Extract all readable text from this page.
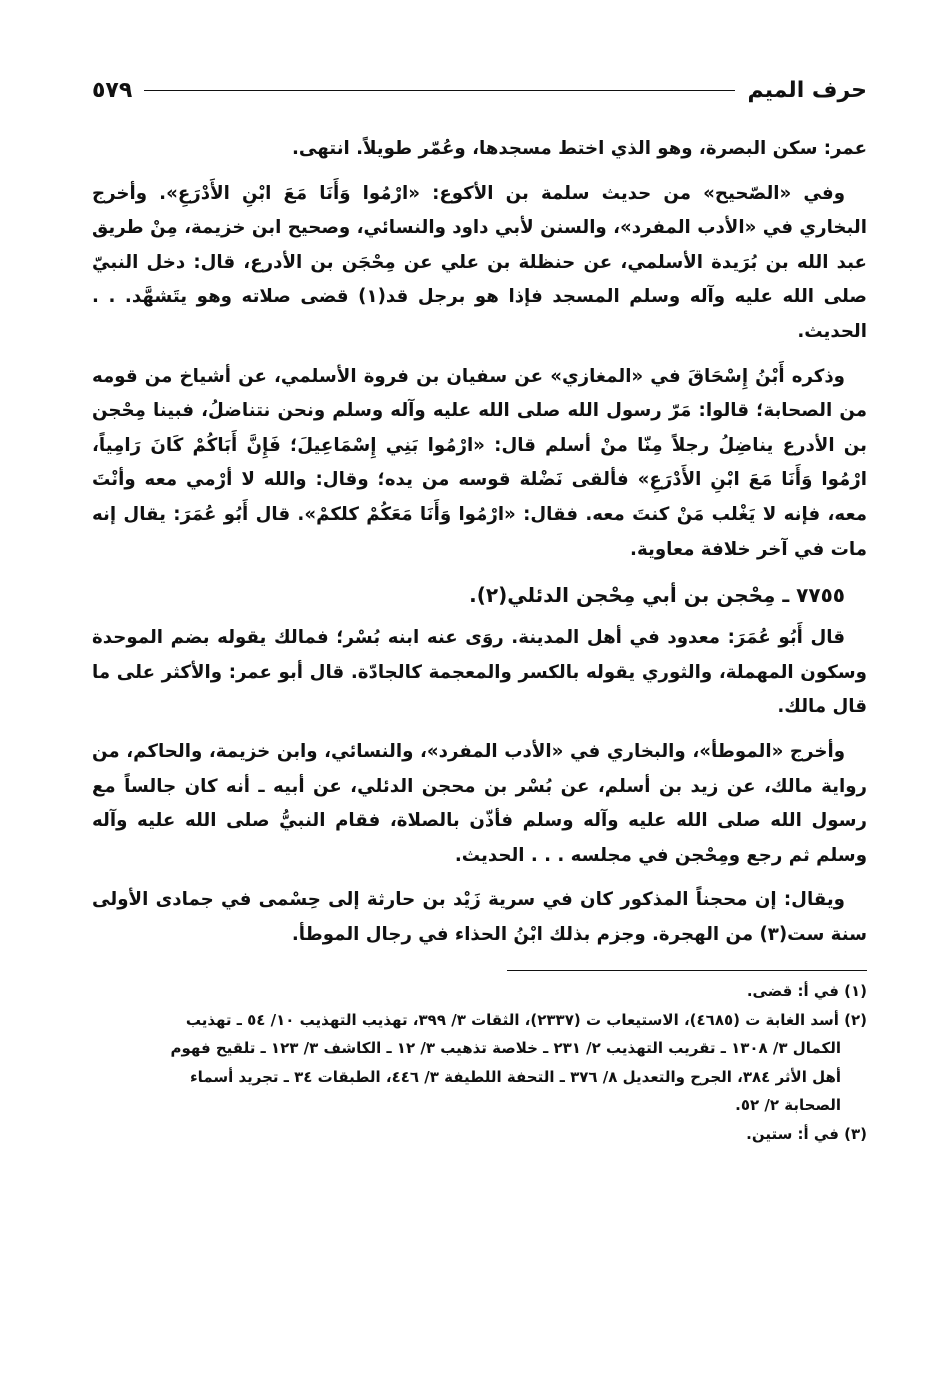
حرف الميم
٥٧٩

عمر: سكن البصرة، وهو الذي اختط مسجدها، وعُمّر طويلاً. انتهى.

وفي «الصّحيح» من حديث سلمة بن الأكوع: «ارْمُوا وَأَنَا مَعَ ابْنِ الأَدْرَعِ». وأخرج البخاري في «الأدب المفرد»، والسنن لأبي داود والنسائي، وصحيح ابن خزيمة، مِنْ طريق عبد الله بن بُرَيدة الأسلمي، عن حنظلة بن علي عن مِحْجَن بن الأدرع، قال: دخل النبيّ صلى الله عليه وآله وسلم المسجد فإذا هو برجل قد(١) قضى صلاته وهو يتَشهَّد. . . الحديث.

وذكره أَبْنُ إِسْحَاقَ في «المغازي» عن سفيان بن فروة الأسلمي، عن أشياخ من قومه من الصحابة؛ قالوا: مَرّ رسول الله صلى الله عليه وآله وسلم ونحن نتناضلُ، فبينا مِحْجن بن الأدرع يناضِلُ رجلاً مِنّا منْ أسلم قال: «ارْمُوا بَنِي إِسْمَاعِيلَ؛ فَإِنَّ أَبَاكُمْ كَانَ رَامِياً، ارْمُوا وَأَنَا مَعَ ابْنِ الأَدْرَعِ» فألقى نَضْلة قوسه من يده؛ وقال: والله لا أرْمي معه وأنْتَ معه، فإنه لا يَغْلب مَنْ كنتَ معه. فقال: «ارْمُوا وَأَنَا مَعَكُمْ كلكمْ». قال أَبُو عُمَرَ: يقال إنه مات في آخر خلافة معاوية.

٧٧٥٥ ـ مِحْجن بن أبي مِحْجن الدئلي(٢).

قال أَبُو عُمَرَ: معدود في أهل المدينة. روَى عنه ابنه بُسْر؛ فمالك يقوله بضم الموحدة وسكون المهملة، والثوري يقوله بالكسر والمعجمة كالجادّة. قال أبو عمر: والأكثر على ما قال مالك.

وأخرج «الموطأ»، والبخاري في «الأدب المفرد»، والنسائي، وابن خزيمة، والحاكم، من رواية مالك، عن زيد بن أسلم، عن بُسْر بن محجن الدئلي، عن أبيه ـ أنه كان جالساً مع رسول الله صلى الله عليه وآله وسلم فأذّن بالصلاة، فقام النبيُّ صلى الله عليه وآله وسلم ثم رجع ومِحْجن في مجلسه . . . الحديث.

ويقال: إن محجناً المذكور كان في سرية زَيْد بن حارثة إلى حِسْمى في جمادى الأولى سنة ست(٣) من الهجرة. وجزم بذلك ابْنُ الحذاء في رجال الموطأ.

(١) في أ: قضى.

(٢) أسد الغابة ت (٤٦٨٥)، الاستيعاب ت (٢٣٣٧)، الثقات ٣/ ٣٩٩، تهذيب التهذيب ١٠/ ٥٤ ـ تهذيب

الكمال ٣/ ١٣٠٨ ـ تقريب التهذيب ٢/ ٢٣١ ـ خلاصة تذهيب ٣/ ١٢ ـ الكاشف ٣/ ١٢٣ ـ تلقيح فهوم

أهل الأثر ٣٨٤، الجرح والتعديل ٨/ ٣٧٦ ـ التحفة اللطيفة ٣/ ٤٤٦، الطبقات ٣٤ ـ تجريد أسماء

الصحابة ٢/ ٥٢.

(٣) في أ: ستين.
